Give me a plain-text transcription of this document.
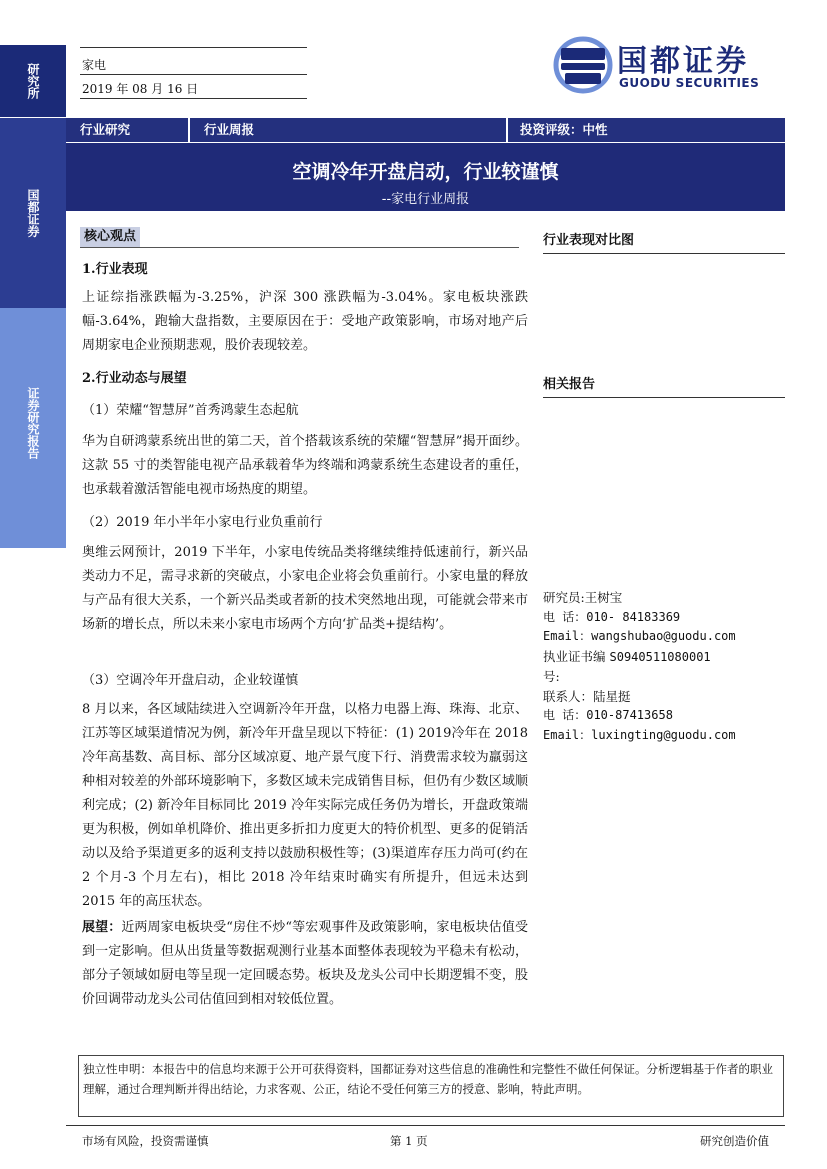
研究所
国都证券
证券研究报告
家电
2019 年 08 月 16 日
国都证券
GUODU SECURITIES
行业研究	行业周报	投资评级：中性
空调冷年开盘启动，行业较谨慎
--家电行业周报
核心观点
1.行业表现

上证综指涨跌幅为-3.25%，沪深 300 涨跌幅为-3.04%。家电板块涨跌幅-3.64%，跑输大盘指数，主要原因在于：受地产政策影响，市场对地产后周期家电企业预期悲观，股价表现较差。

2.行业动态与展望
（1）荣耀“智慧屏”首秀鸿蒙生态起航

华为自研鸿蒙系统出世的第二天，首个搭载该系统的荣耀“智慧屏”揭开面纱。这款 55 寸的类智能电视产品承载着华为终端和鸿蒙系统生态建设者的重任，也承载着激活智能电视市场热度的期望。

（2）2019 年小半年小家电行业负重前行

奥维云网预计，2019 下半年，小家电传统品类将继续维持低速前行，新兴品类动力不足，需寻求新的突破点，小家电企业将会负重前行。小家电量的释放与产品有很大关系，一个新兴品类或者新的技术突然地出现，可能就会带来市场新的增长点，所以未来小家电市场两个方向‘扩品类+提结构’。

（3）空调冷年开盘启动，企业较谨慎

8 月以来，各区域陆续进入空调新冷年开盘，以格力电器上海、珠海、北京、江苏等区域渠道情况为例，新冷年开盘呈现以下特征：(1) 2019冷年在 2018 冷年高基数、高目标、部分区域凉夏、地产景气度下行、消费需求较为羸弱这种相对较差的外部环境影响下，多数区域未完成销售目标，但仍有少数区域顺利完成；(2) 新冷年目标同比 2019 冷年实际完成任务仍为增长，开盘政策端更为积极，例如单机降价、推出更多折扣力度更大的特价机型、更多的促销活动以及给予渠道更多的返利支持以鼓励积极性等；(3)渠道库存压力尚可(约在 2 个月-3 个月左右)，相比 2018 冷年结束时确实有所提升，但远未达到 2015 年的高压状态。

展望：近两周家电板块受“房住不炒“等宏观事件及政策影响，家电板块估值受到一定影响。但从出货量等数据观测行业基本面整体表现较为平稳未有松动，部分子领域如厨电等呈现一定回暖态势。板块及龙头公司中长期逻辑不变，股价回调带动龙头公司估值回到相对较低位置。

行业表现对比图
相关报告
研究员:王树宝
电 话：010- 84183369
Email：wangshubao@guodu.com
执业证书编 S0940511080001
号:
联系人：陆星挺
电 话：010-87413658
Email：luxingting@guodu.com
独立性申明：本报告中的信息均来源于公开可获得资料，国都证券对这些信息的准确性和完整性不做任何保证。分析逻辑基于作者的职业理解，通过合理判断并得出结论，力求客观、公正，结论不受任何第三方的授意、影响，特此声明。
市场有风险，投资需谨慎	第 1 页	研究创造价值
